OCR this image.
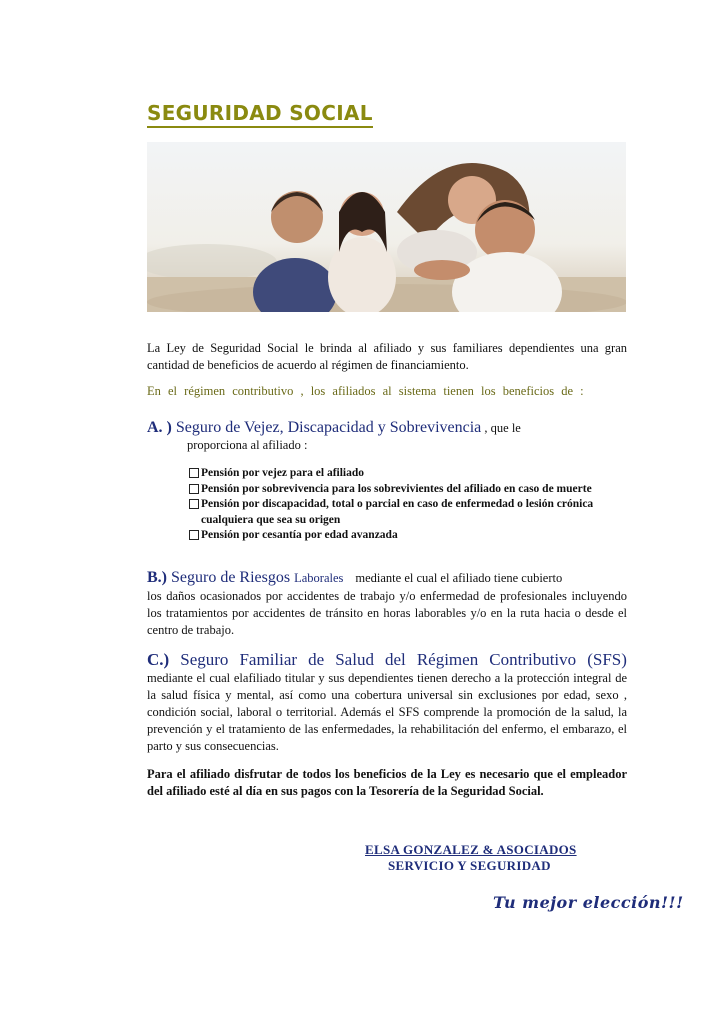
SEGURIDAD SOCIAL
La Ley de Seguridad Social le brinda al afiliado y sus familiares dependientes una gran cantidad de beneficios de acuerdo al régimen de financiamiento.
En el régimen contributivo , los afiliados al sistema tienen los beneficios de :
A. ) Seguro de Vejez, Discapacidad y Sobrevivencia , que le
proporciona al afiliado :
Pensión por vejez para el afiliado
Pensión por sobrevivencia para los sobrevivientes del afiliado en caso de muerte
Pensión por discapacidad, total o parcial en caso de enfermedad o lesión crónica cualquiera que sea su origen
Pensión por cesantía por edad avanzada
B.) Seguro de Riesgos Laborales mediante el cual el afiliado tiene cubierto
los daños ocasionados por accidentes de trabajo y/o enfermedad de profesionales incluyendo los tratamientos por accidentes de tránsito en horas laborables y/o en la ruta hacia o desde el centro de trabajo.
C.) Seguro Familiar de Salud del Régimen Contributivo (SFS)
mediante el cual elafiliado titular y sus dependientes tienen derecho a la protección integral de la salud física y mental, así como una cobertura universal sin exclusiones por edad, sexo , condición social, laboral o territorial. Además el SFS comprende la promoción de la salud, la prevención y el tratamiento de las enfermedades, la rehabilitación del enfermo, el embarazo, el parto y sus consecuencias.
Para el afiliado disfrutar de todos los beneficios de la Ley es necesario que el empleador del afiliado esté al día en sus pagos con la Tesorería de la Seguridad Social.
ELSA GONZALEZ & ASOCIADOS
SERVICIO Y SEGURIDAD
Tu mejor elección!!!
